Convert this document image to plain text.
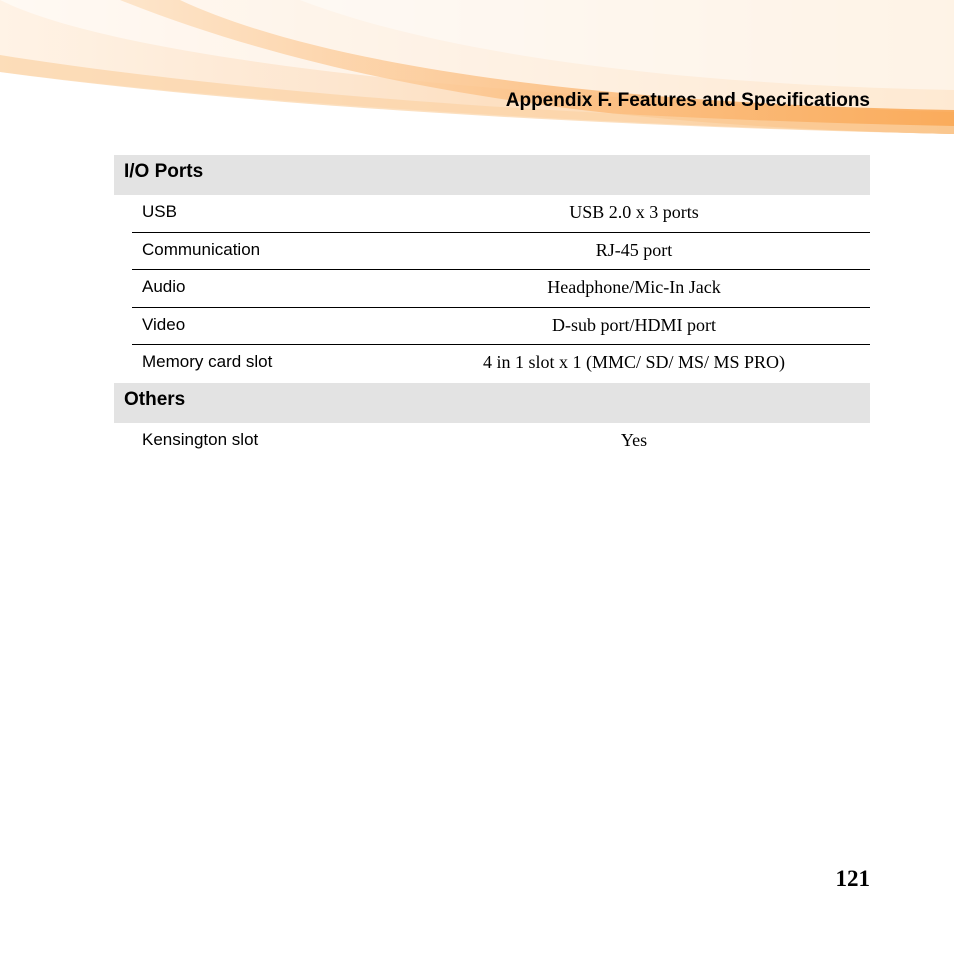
Appendix F. Features and Specifications
I/O Ports
USB	USB 2.0 x 3 ports
Communication	RJ-45 port
Audio	Headphone/Mic-In Jack
Video	D-sub port/HDMI port
Memory card slot	4 in 1 slot x 1 (MMC/ SD/ MS/ MS PRO)
Others
Kensington slot	Yes
121
